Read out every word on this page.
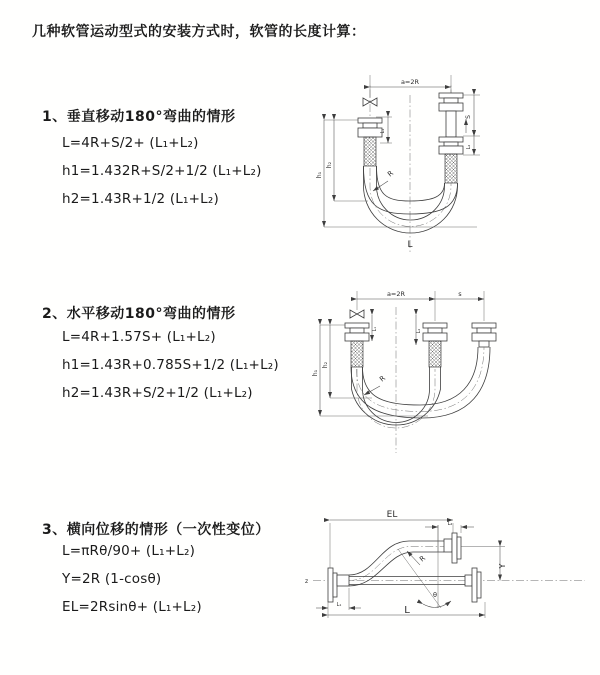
几种软管运动型式的安装方式时，软管的长度计算：
1、垂直移动180°弯曲的情形
L=4R+S/2+ (L₁+L₂)
h1=1.432R+S/2+1/2 (L₁+L₂)
h2=1.43R+1/2 (L₁+L₂)
a=2R
R
h₁
h₂
L₁
S
L₂
L
2、水平移动180°弯曲的情形
L=4R+1.57S+ (L₁+L₂)
h1=1.43R+0.785S+1/2 (L₁+L₂)
h2=1.43R+S/2+1/2 (L₁+L₂)
a=2R	s
R
h₁
h₂
L₁	L₂
3、横向位移的情形（一次性变位）
L=πRθ/90+ (L₁+L₂)
Y=2R (1-cosθ)
EL=2Rsinθ+ (L₁+L₂)
z
EL
L₂
Y
L₁	L
R
θ
